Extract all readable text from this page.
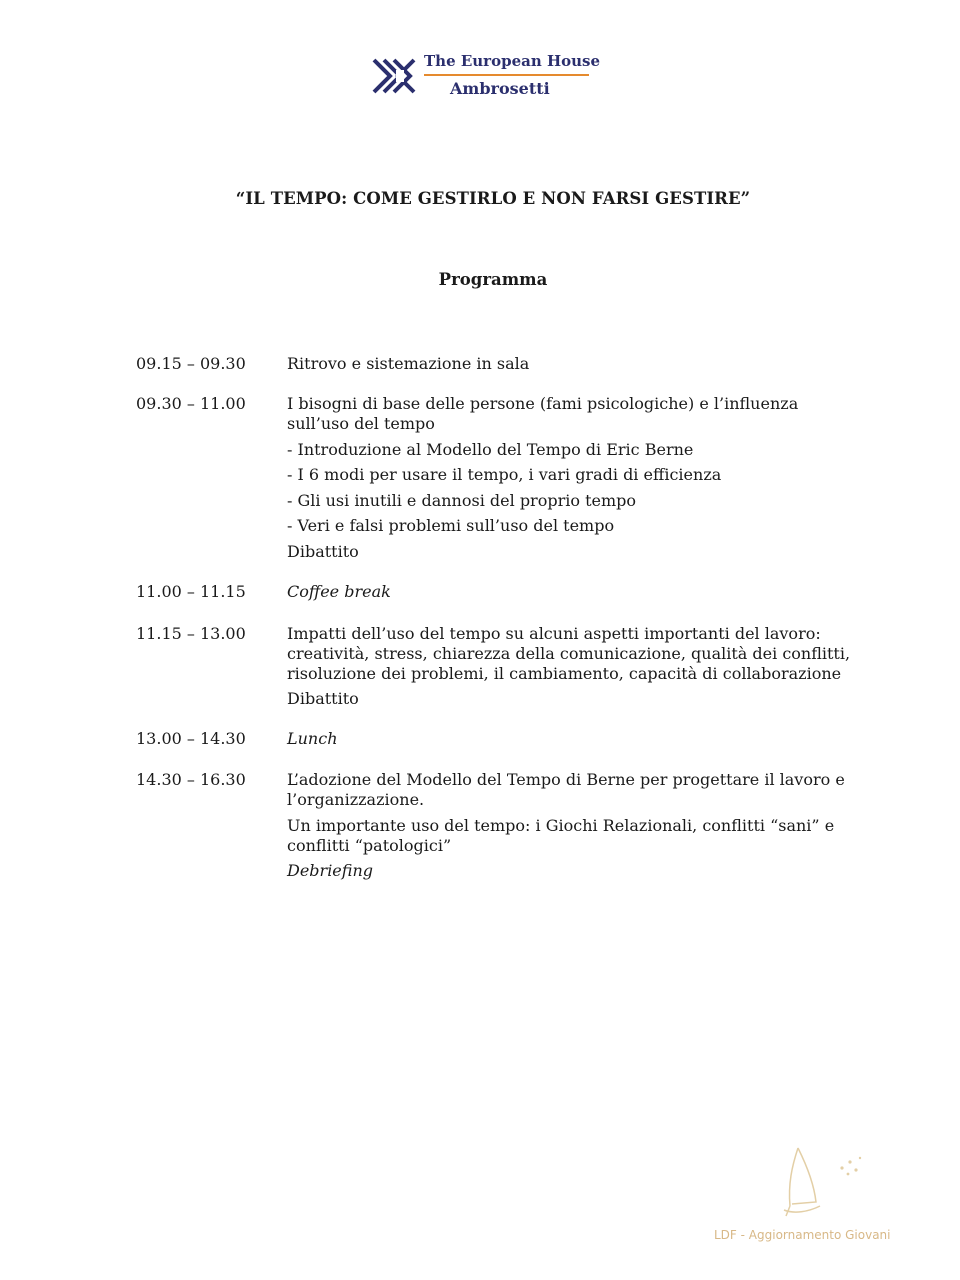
The European House
Ambrosetti
“IL TEMPO: COME GESTIRLO E NON FARSI GESTIRE”
Programma
09.15 – 09.30	Ritrovo e sistemazione in sala

09.30 – 11.00	I bisogni di base delle persone (fami psicologiche) e l’influenza sull’uso del tempo

- Introduzione al Modello del Tempo di Eric Berne

- I 6 modi per usare il tempo, i vari gradi di efficienza

- Gli usi inutili e dannosi del proprio tempo

- Veri e falsi problemi sull’uso del tempo

Dibattito

11.00 – 11.15	Coffee break

11.15 – 13.00	Impatti dell’uso del tempo su alcuni aspetti importanti del lavoro: creatività, stress, chiarezza della comunicazione, qualità dei conflitti, risoluzione dei problemi, il cambiamento, capacità di collaborazione

Dibattito

13.00 – 14.30	Lunch

14.30 – 16.30	L’adozione del Modello del Tempo di Berne per progettare il lavoro e l’organizzazione.

Un importante uso del tempo: i Giochi Relazionali, conflitti “sani” e conflitti “patologici”

Debriefing

LDF - Aggiornamento Giovani
